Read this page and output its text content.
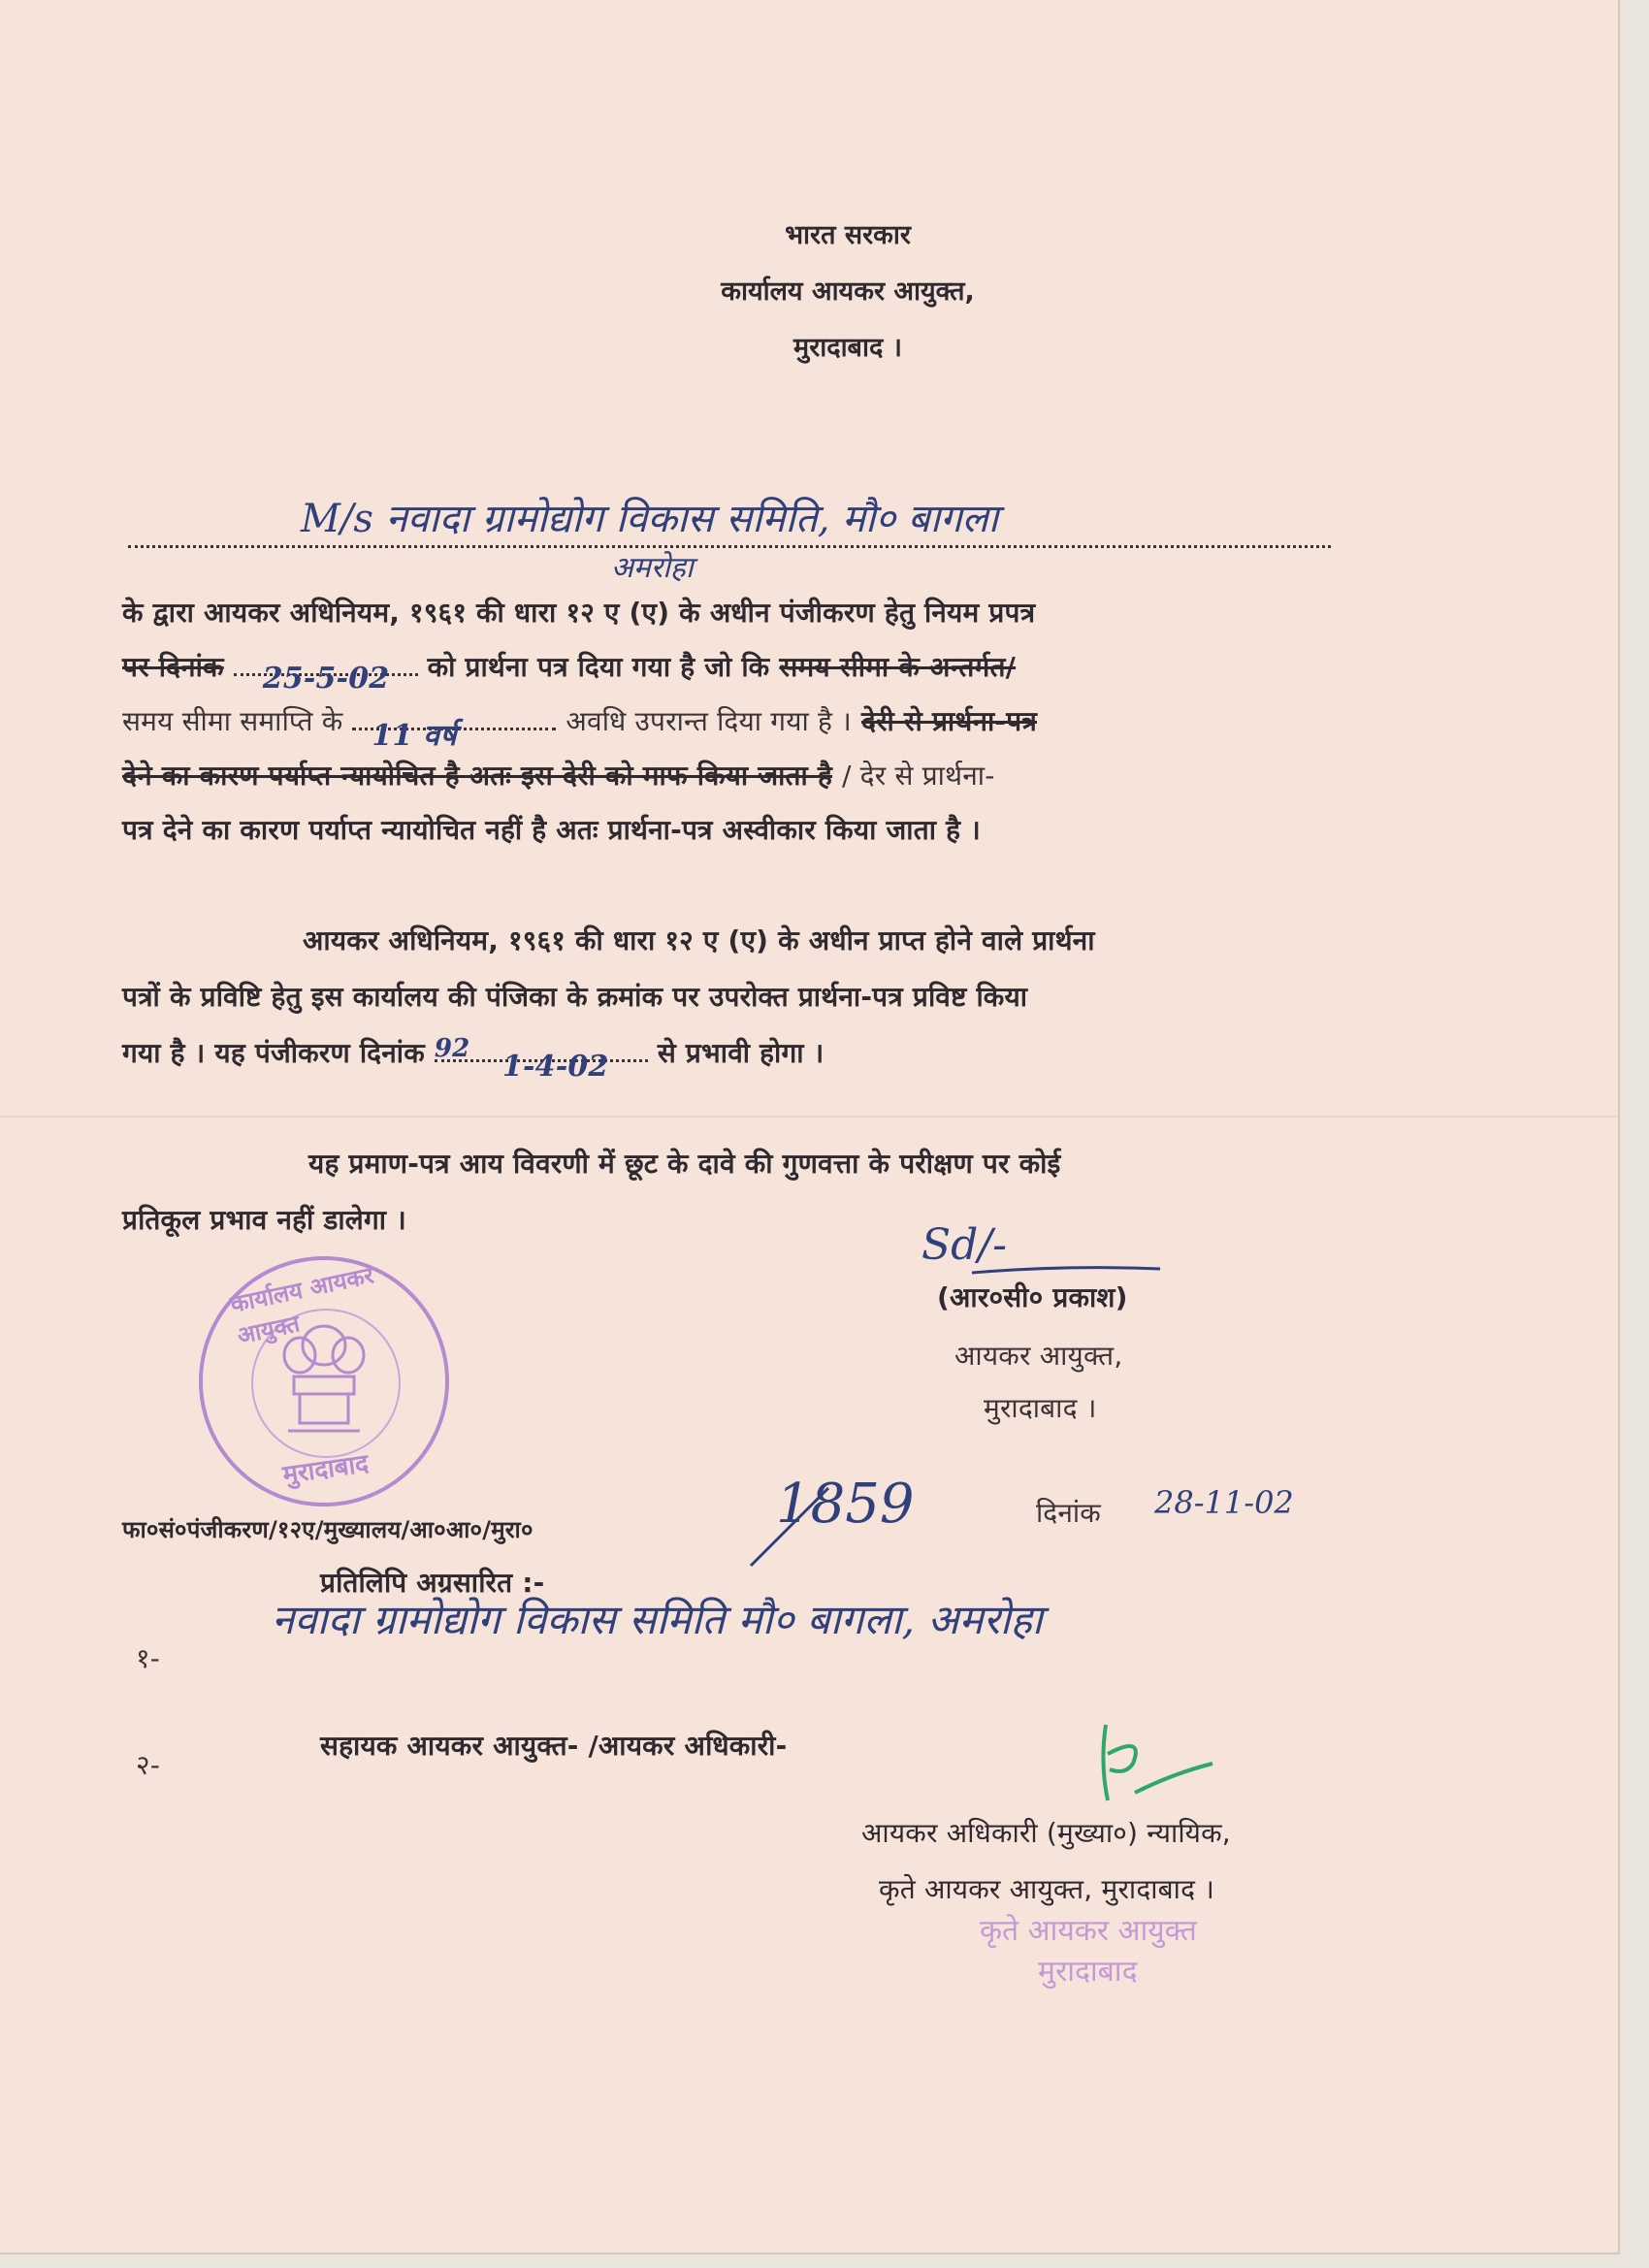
भारत सरकार
कार्यालय आयकर आयुक्त,
मुरादाबाद ।
M/s नवादा ग्रामोद्योग विकास समिति, मौ० बागला
अमरोहा
के द्वारा आयकर अधिनियम, १९६१ की धारा १२ ए (ए) के अधीन पंजीकरण हेतु नियम प्रपत्र
पर दिनांक 25-5-02 को प्रार्थना पत्र दिया गया है जो कि समय सीमा के अन्तर्गत/
समय सीमा समाप्ति के 11 वर्ष	अवधि उपरान्त दिया गया है । देरी से प्रार्थना-पत्र
देने का कारण पर्याप्त न्यायोचित है अतः इस देरी को माफ किया जाता है / देर से प्रार्थना-
पत्र देने का कारण पर्याप्त न्यायोचित नहीं है अतः प्रार्थना-पत्र अस्वीकार किया जाता है ।
आयकर अधिनियम, १९६१ की धारा १२ ए (ए) के अधीन प्राप्त होने वाले प्रार्थना
पत्रों के प्रविष्टि हेतु इस कार्यालय की पंजिका के क्रमांक पर उपरोक्त प्रार्थना-पत्र प्रविष्ट किया
गया है । यह पंजीकरण दिनांक 92
1-4-02 से प्रभावी होगा ।
यह प्रमाण-पत्र आय विवरणी में छूट के दावे की गुणवत्ता के परीक्षण पर कोई
प्रतिकूल प्रभाव नहीं डालेगा ।
Sd/-
(आर०सी० प्रकाश)
आयकर आयुक्त,
मुरादाबाद ।
कार्यालय आयकर आयुक्त
मुरादाबाद
फा०सं०पंजीकरण/१२ए/मुख्यालय/आ०आ०/मुरा०	1859	दिनांक 28-11-02
प्रतिलिपि अग्रसारित :-
१-
नवादा ग्रामोद्योग विकास समिति मौ० बागला, अमरोहा
२-
सहायक आयकर आयुक्त- /आयकर अधिकारी-
आयकर अधिकारी (मुख्या०) न्यायिक,
कृते आयकर आयुक्त, मुरादाबाद ।
कृते आयकर आयुक्त
मुरादाबाद
